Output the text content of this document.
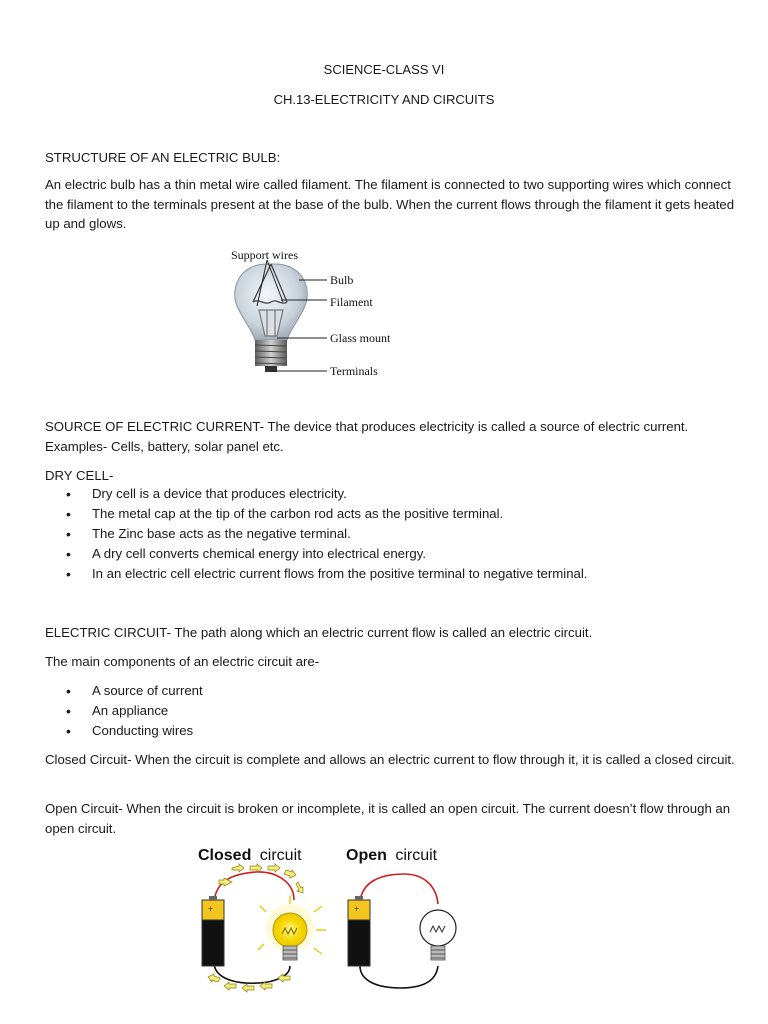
SCIENCE-CLASS VI
CH.13-ELECTRICITY AND CIRCUITS

STRUCTURE OF AN ELECTRIC BULB:

An electric bulb has a thin metal wire called filament. The filament is connected to two supporting wires which connect the filament to the terminals present at the base of the bulb. When the current flows through the filament it gets heated up and glows.

Support wires
Bulb
Filament
Glass mount
Terminals

SOURCE OF ELECTRIC CURRENT- The device that produces electricity is called a source of electric current. Examples- Cells, battery, solar panel etc.

DRY CELL-

• Dry cell is a device that produces electricity.
• The metal cap at the tip of the carbon rod acts as the positive terminal.
• The Zinc base acts as the negative terminal.
• A dry cell converts chemical energy into electrical energy.
• In an electric cell electric current flows from the positive terminal to negative terminal.

ELECTRIC CIRCUIT- The path along which an electric current flow is called an electric circuit.

The main components of an electric circuit are-

• A source of current
• An appliance
• Conducting wires

Closed Circuit- When the circuit is complete and allows an electric current to flow through it, it is called a closed circuit.

Open Circuit- When the circuit is broken or incomplete, it is called an open circuit. The current doesn’t flow through an open circuit.

Closed circuit	Open circuit
+	+
